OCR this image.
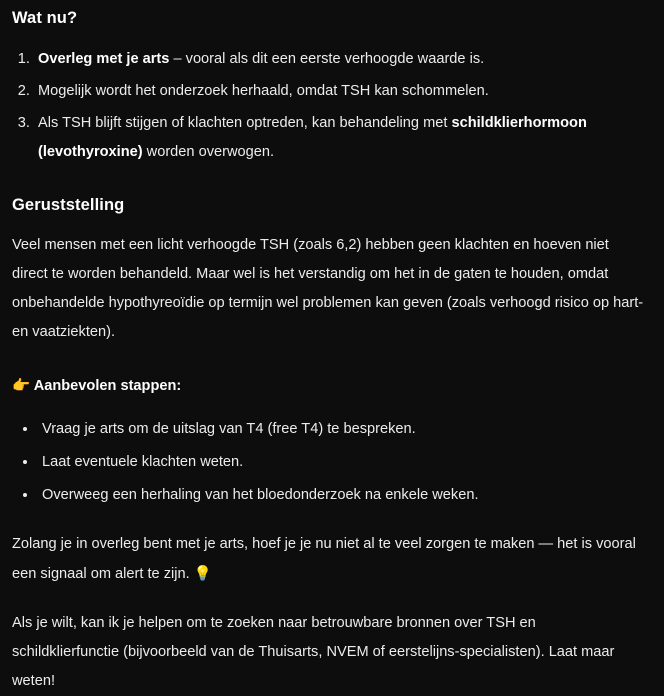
Wat nu?
1. Overleg met je arts – vooral als dit een eerste verhoogde waarde is.
2. Mogelijk wordt het onderzoek herhaald, omdat TSH kan schommelen.
3. Als TSH blijft stijgen of klachten optreden, kan behandeling met schildklierhormoon (levothyroxine) worden overwogen.
Geruststelling

Veel mensen met een licht verhoogde TSH (zoals 6,2) hebben geen klachten en hoeven niet direct te worden behandeld. Maar wel is het verstandig om het in de gaten te houden, omdat onbehandelde hypothyreoïdie op termijn wel problemen kan geven (zoals verhoogd risico op hart- en vaatziekten).

👉 Aanbevolen stappen:
• Vraag je arts om de uitslag van T4 (free T4) te bespreken.
• Laat eventuele klachten weten.
• Overweeg een herhaling van het bloedonderzoek na enkele weken.

Zolang je in overleg bent met je arts, hoef je je nu niet al te veel zorgen te maken — het is vooral een signaal om alert te zijn. 💡

Als je wilt, kan ik je helpen om te zoeken naar betrouwbare bronnen over TSH en schildklierfunctie (bijvoorbeeld van de Thuisarts, NVEM of eerstelijns-specialisten). Laat maar weten!
